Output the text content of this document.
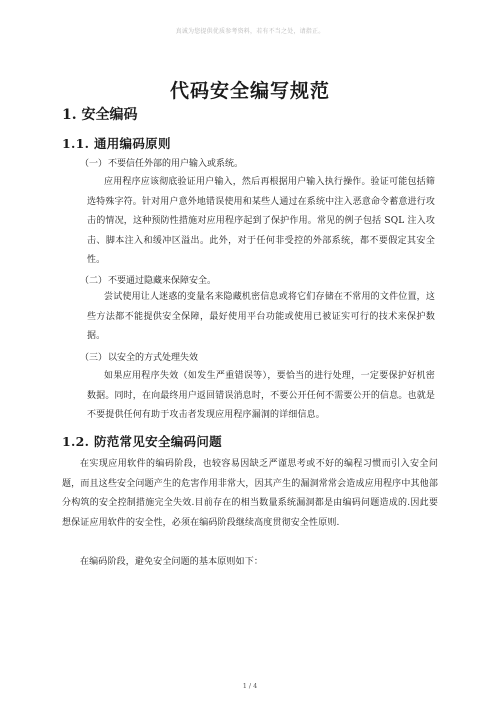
真诚为您提供优质参考资料，若有不当之处，请指正。
代码安全编写规范
1. 安全编码
1.1. 通用编码原则
（一）不要信任外部的用户输入或系统。
应用程序应该彻底验证用户输入，然后再根据用户输入执行操作。验证可能包括筛选特殊字符。针对用户意外地错误使用和某些人通过在系统中注入恶意命令蓄意进行攻击的情况，这种预防性措施对应用程序起到了保护作用。常见的例子包括 SQL 注入攻击、脚本注入和缓冲区溢出。此外，对于任何非受控的外部系统，都不要假定其安全性。
（二）不要通过隐藏来保障安全。
尝试使用让人迷惑的变量名来隐藏机密信息或将它们存储在不常用的文件位置，这些方法都不能提供安全保障，最好使用平台功能或使用已被证实可行的技术来保护数据。
（三）以安全的方式处理失效
如果应用程序失效（如发生严重错误等），要恰当的进行处理，一定要保护好机密数据。同时，在向最终用户返回错误消息时，不要公开任何不需要公开的信息。也就是不要提供任何有助于攻击者发现应用程序漏洞的详细信息。
1.2. 防范常见安全编码问题
在实现应用软件的编码阶段，也较容易因缺乏严谨思考或不好的编程习惯而引入安全问题，而且这些安全问题产生的危害作用非常大，因其产生的漏洞常常会造成应用程序中其他部分构筑的安全控制措施完全失效.目前存在的相当数量系统漏洞都是由编码问题造成的.因此要想保证应用软件的安全性，必须在编码阶段继续高度贯彻安全性原则.
在编码阶段，避免安全问题的基本原则如下：
1 / 4
